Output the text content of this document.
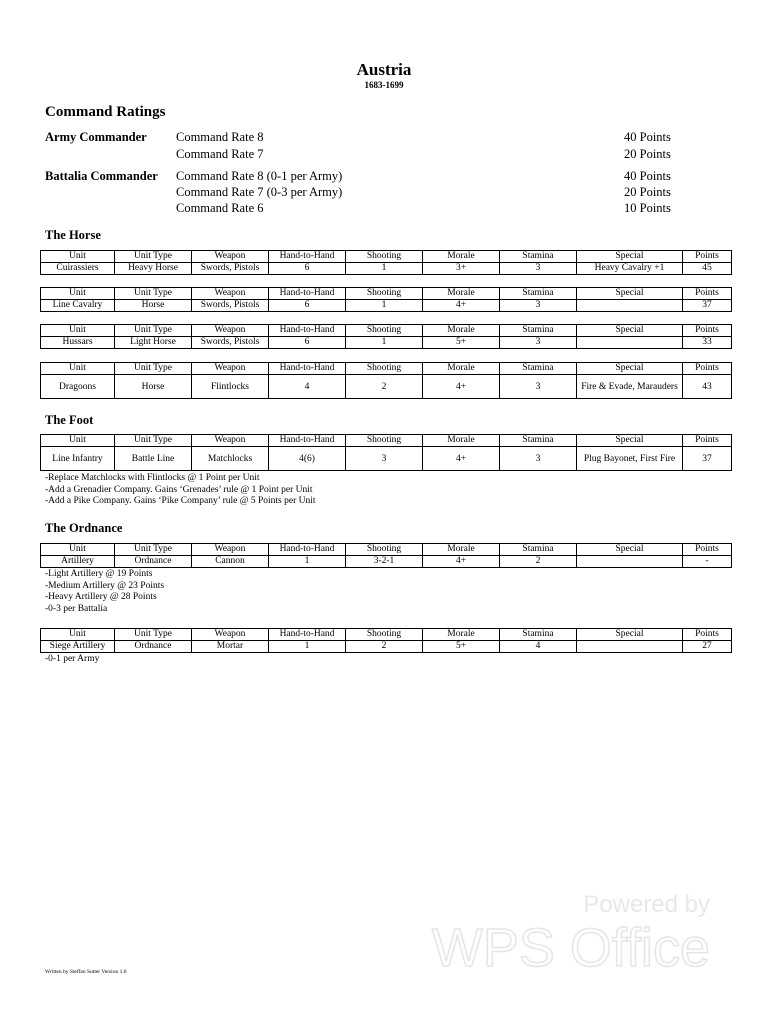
Austria
1683-1699
Command Ratings
Army Commander Command Rate 8	40 Points
Command Rate 7	20 Points
Battalia Commander Command Rate 8 (0-1 per Army)	40 Points
Command Rate 7 (0-3 per Army)	20 Points
Command Rate 6	10 Points
The Horse
Unit	Unit Type	Weapon	Hand-to-Hand	Shooting	Morale	Stamina	Special	Points
Cuirassiers	Heavy Horse	Swords, Pistols	6	1	3+	3	Heavy Cavalry +1	45
Unit	Unit Type	Weapon	Hand-to-Hand	Shooting	Morale	Stamina	Special	Points
Line Cavalry	Horse	Swords, Pistols	6	1	4+	3		37
Unit	Unit Type	Weapon	Hand-to-Hand	Shooting	Morale	Stamina	Special	Points
Hussars	Light Horse	Swords, Pistols	6	1	5+	3		33
Unit	Unit Type	Weapon	Hand-to-Hand	Shooting	Morale	Stamina	Special	Points
Dragoons	Horse	Flintlocks	4	2	4+	3	Fire & Evade, Marauders	43
The Foot
Unit	Unit Type	Weapon	Hand-to-Hand	Shooting	Morale	Stamina	Special	Points
Line Infantry	Battle Line	Matchlocks	4(6)	3	4+	3	Plug Bayonet, First Fire	37
-Replace Matchlocks with Flintlocks @ 1 Point per Unit
-Add a Grenadier Company. Gains ‘Grenades’ rule @ 1 Point per Unit
-Add a Pike Company. Gains ‘Pike Company’ rule @ 5 Points per Unit
The Ordnance
Unit	Unit Type	Weapon	Hand-to-Hand	Shooting	Morale	Stamina	Special	Points
Artillery	Ordnance	Cannon	1	3-2-1	4+	2		-
-Light Artillery @ 19 Points
-Medium Artillery @ 23 Points
-Heavy Artillery @ 28 Points
-0-3 per Battalia
Unit	Unit Type	Weapon	Hand-to-Hand	Shooting	Morale	Stamina	Special	Points
Siege Artillery	Ordnance	Mortar	1	2	5+	4		27
-0-1 per Army
Powered by
WPS Office
Written by Steffan Sutter Version 1.0
